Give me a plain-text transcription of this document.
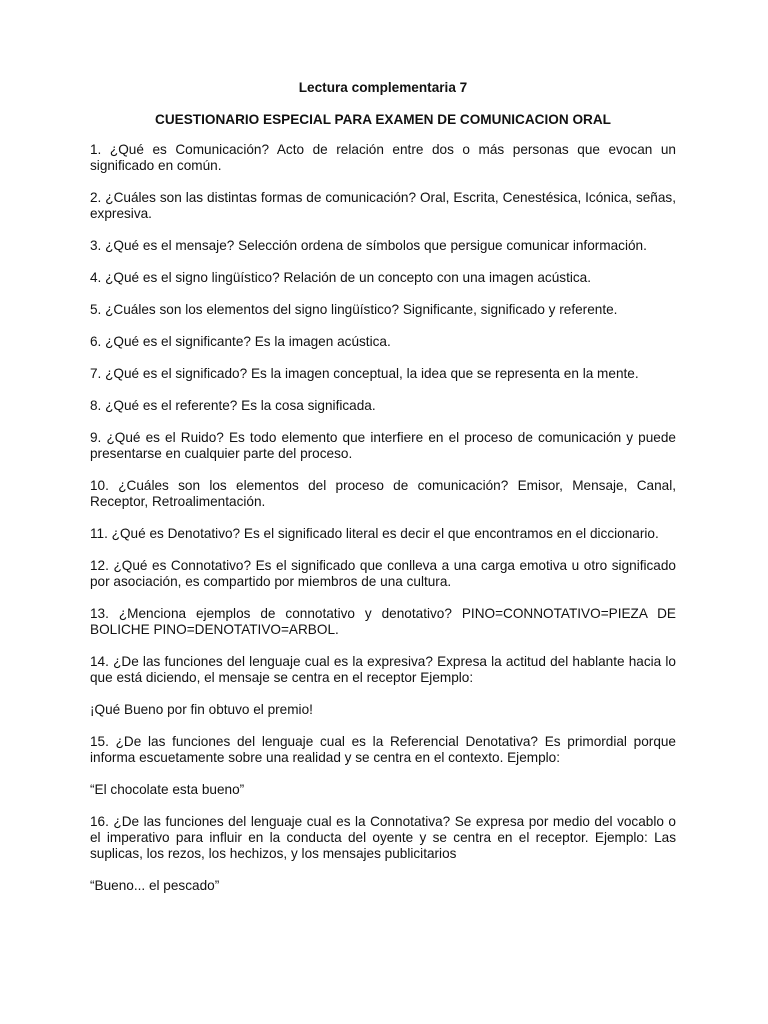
Lectura complementaria 7
CUESTIONARIO ESPECIAL PARA EXAMEN DE COMUNICACION ORAL
1. ¿Qué es Comunicación? Acto de relación entre dos o más personas que evocan un significado en común.
2. ¿Cuáles son las distintas formas de comunicación? Oral, Escrita, Cenestésica, Icónica, señas, expresiva.
3. ¿Qué es el mensaje? Selección ordena de símbolos que persigue comunicar información.
4. ¿Qué es el signo lingüístico? Relación de un concepto con una imagen acústica.
5. ¿Cuáles son los elementos del signo lingüístico? Significante, significado y referente.
6. ¿Qué es el significante? Es la imagen acústica.
7. ¿Qué es el significado? Es la imagen conceptual, la idea que se representa en la mente.
8. ¿Qué es el referente? Es la cosa significada.
9. ¿Qué es el Ruido? Es todo elemento que interfiere en el proceso de comunicación y puede presentarse en cualquier parte del proceso.
10. ¿Cuáles son los elementos del proceso de comunicación? Emisor, Mensaje, Canal, Receptor, Retroalimentación.
11. ¿Qué es Denotativo? Es el significado literal es decir el que encontramos en el diccionario.
12. ¿Qué es Connotativo? Es el significado que conlleva a una carga emotiva u otro significado por asociación, es compartido por miembros de una cultura.
13. ¿Menciona ejemplos de connotativo y denotativo? PINO=CONNOTATIVO=PIEZA DE BOLICHE PINO=DENOTATIVO=ARBOL.
14. ¿De las funciones del lenguaje cual es la expresiva? Expresa la actitud del hablante hacia lo que está diciendo, el mensaje se centra en el receptor Ejemplo:
¡Qué Bueno por fin obtuvo el premio!
15. ¿De las funciones del lenguaje cual es la Referencial Denotativa? Es primordial porque informa escuetamente sobre una realidad y se centra en el contexto. Ejemplo:
“El chocolate esta bueno”
16. ¿De las funciones del lenguaje cual es la Connotativa? Se expresa por medio del vocablo o el imperativo para influir en la conducta del oyente y se centra en el receptor. Ejemplo: Las suplicas, los rezos, los hechizos, y los mensajes publicitarios
“Bueno... el pescado”
